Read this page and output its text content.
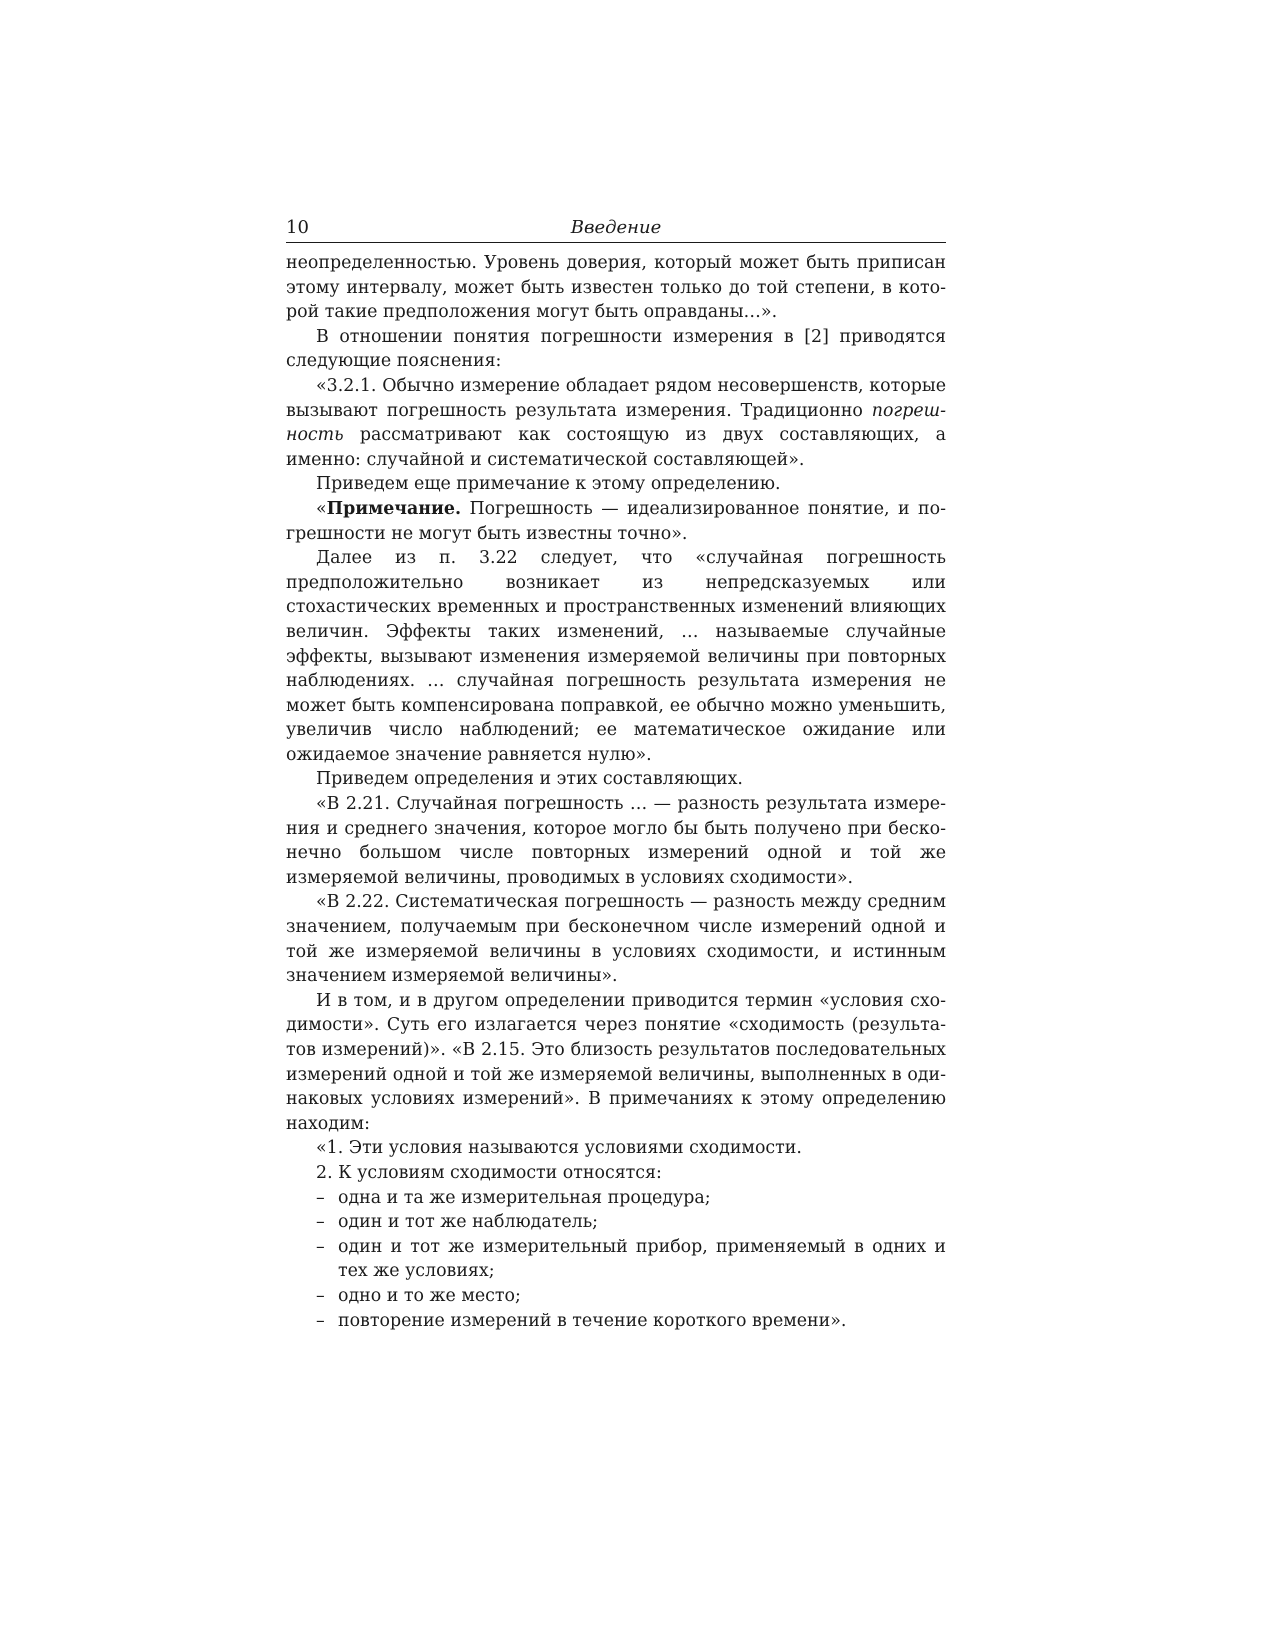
10	Введение

неопределенностью. Уровень доверия, который может быть приписан этому интервалу, может быть известен только до той степени, в которой такие предположения могут быть оправданы…».

В отношении понятия погрешности измерения в [2] приводятся следующие пояснения:

«3.2.1. Обычно измерение обладает рядом несовершенств, которые вызывают погрешность результата измерения. Традиционно погрешность рассматривают как состоящую из двух составляющих, а именно: случайной и систематической составляющей».

Приведем еще примечание к этому определению.

«Примечание. Погрешность — идеализированное понятие, и погрешности не могут быть известны точно».

Далее из п. 3.22 следует, что «случайная погрешность предположительно возникает из непредсказуемых или стохастических временных и пространственных изменений влияющих величин. Эффекты таких изменений, … называемые случайные эффекты, вызывают изменения измеряемой величины при повторных наблюдениях. … случайная погрешность результата измерения не может быть компенсирована поправкой, ее обычно можно уменьшить, увеличив число наблюдений; ее математическое ожидание или ожидаемое значение равняется нулю».

Приведем определения и этих составляющих.

«В 2.21. Случайная погрешность … — разность результата измерения и среднего значения, которое могло бы быть получено при бесконечно большом числе повторных измерений одной и той же измеряемой величины, проводимых в условиях сходимости».

«В 2.22. Систематическая погрешность — разность между средним значением, получаемым при бесконечном числе измерений одной и той же измеряемой величины в условиях сходимости, и истинным значением измеряемой величины».

И в том, и в другом определении приводится термин «условия сходимости». Суть его излагается через понятие «сходимость (результатов измерений)». «В 2.15. Это близость результатов последовательных измерений одной и той же измеряемой величины, выполненных в одинаковых условиях измерений». В примечаниях к этому определению находим:

«1. Эти условия называются условиями сходимости.

2. К условиям сходимости относятся:

– одна и та же измерительная процедура;
– один и тот же наблюдатель;
– один и тот же измерительный прибор, применяемый в одних и тех же условиях;
– одно и то же место;
– повторение измерений в течение короткого времени».
